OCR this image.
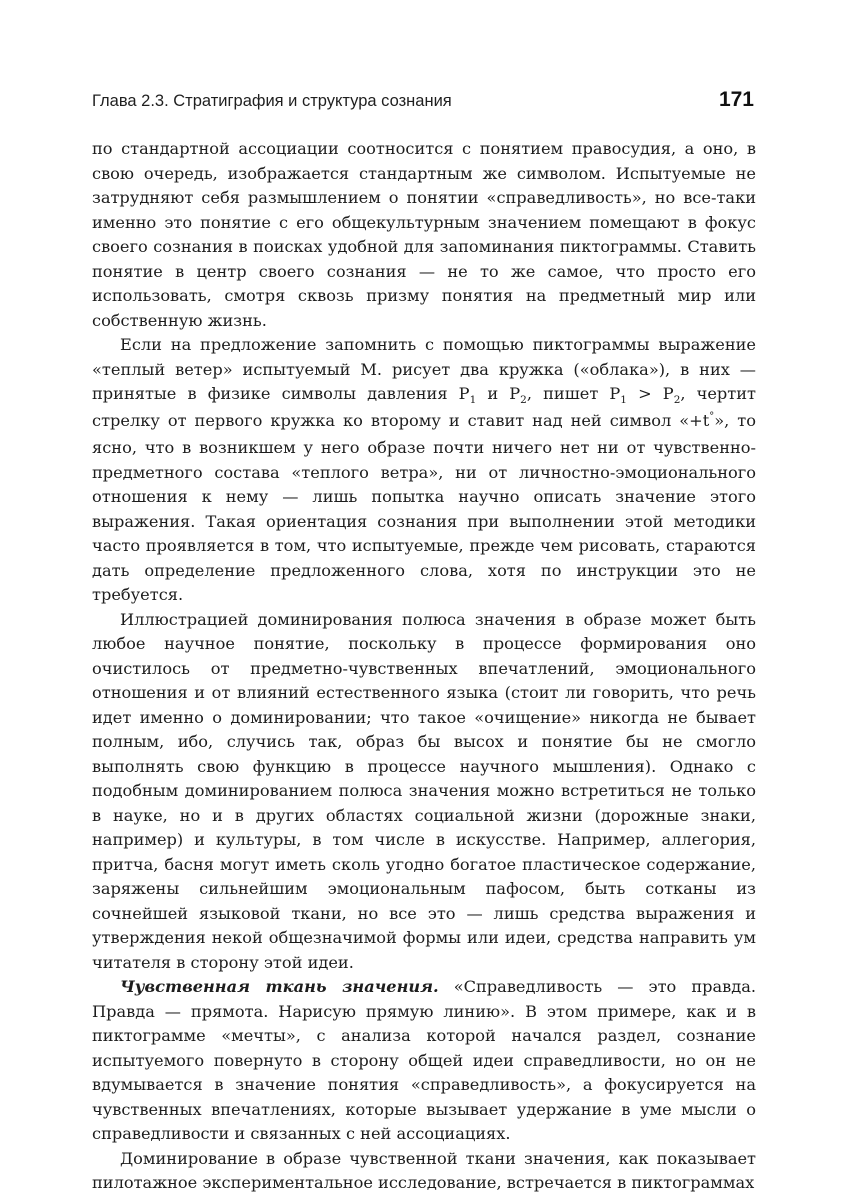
Глава 2.3. Стратиграфия и структура сознания	171

по стандартной ассоциации соотносится с понятием правосудия, а оно, в свою очередь, изображается стандартным же символом. Испытуемые не затрудняют себя размышлением о понятии «справедливость», но все-таки именно это понятие с его общекультурным значением помещают в фокус своего сознания в поисках удобной для запоминания пиктограммы. Ставить понятие в центр своего сознания — не то же самое, что просто его использовать, смотря сквозь призму понятия на предметный мир или собственную жизнь.

Если на предложение запомнить с помощью пиктограммы выражение «теплый ветер» испытуемый М. рисует два кружка («облака»), в них — принятые в физике символы давления $P_1$ и $P_2$, пишет $P_1 > P_2$, чертит стрелку от первого кружка ко второму и ставит над ней символ «+t°», то ясно, что в возникшем у него образе почти ничего нет ни от чувственно-предметного состава «теплого ветра», ни от личностно-эмоционального отношения к нему — лишь попытка научно описать значение этого выражения. Такая ориентация сознания при выполнении этой методики часто проявляется в том, что испытуемые, прежде чем рисовать, стараются дать определение предложенного слова, хотя по инструкции это не требуется.

Иллюстрацией доминирования полюса значения в образе может быть любое научное понятие, поскольку в процессе формирования оно очистилось от предметно-чувственных впечатлений, эмоционального отношения и от влияний естественного языка (стоит ли говорить, что речь идет именно о доминировании; что такое «очищение» никогда не бывает полным, ибо, случись так, образ бы высох и понятие бы не смогло выполнять свою функцию в процессе научного мышления). Однако с подобным доминированием полюса значения можно встретиться не только в науке, но и в других областях социальной жизни (дорожные знаки, например) и культуры, в том числе в искусстве. Например, аллегория, притча, басня могут иметь сколь угодно богатое пластическое содержание, заряжены сильнейшим эмоциональным пафосом, быть сотканы из сочнейшей языковой ткани, но все это — лишь средства выражения и утверждения некой общезначимой формы или идеи, средства направить ум читателя в сторону этой идеи.

Чувственная ткань значения. «Справедливость — это правда. Правда — прямота. Нарисую прямую линию». В этом примере, как и в пиктограмме «мечты», с анализа которой начался раздел, сознание испытуемого повернуто в сторону общей идеи справедливости, но он не вдумывается в значение понятия «справедливость», а фокусируется на чувственных впечатлениях, которые вызывает удержание в уме мысли о справедливости и связанных с ней ассоциациях.

Доминирование в образе чувственной ткани значения, как показывает пилотажное экспериментальное исследование, встречается в пиктограммах
